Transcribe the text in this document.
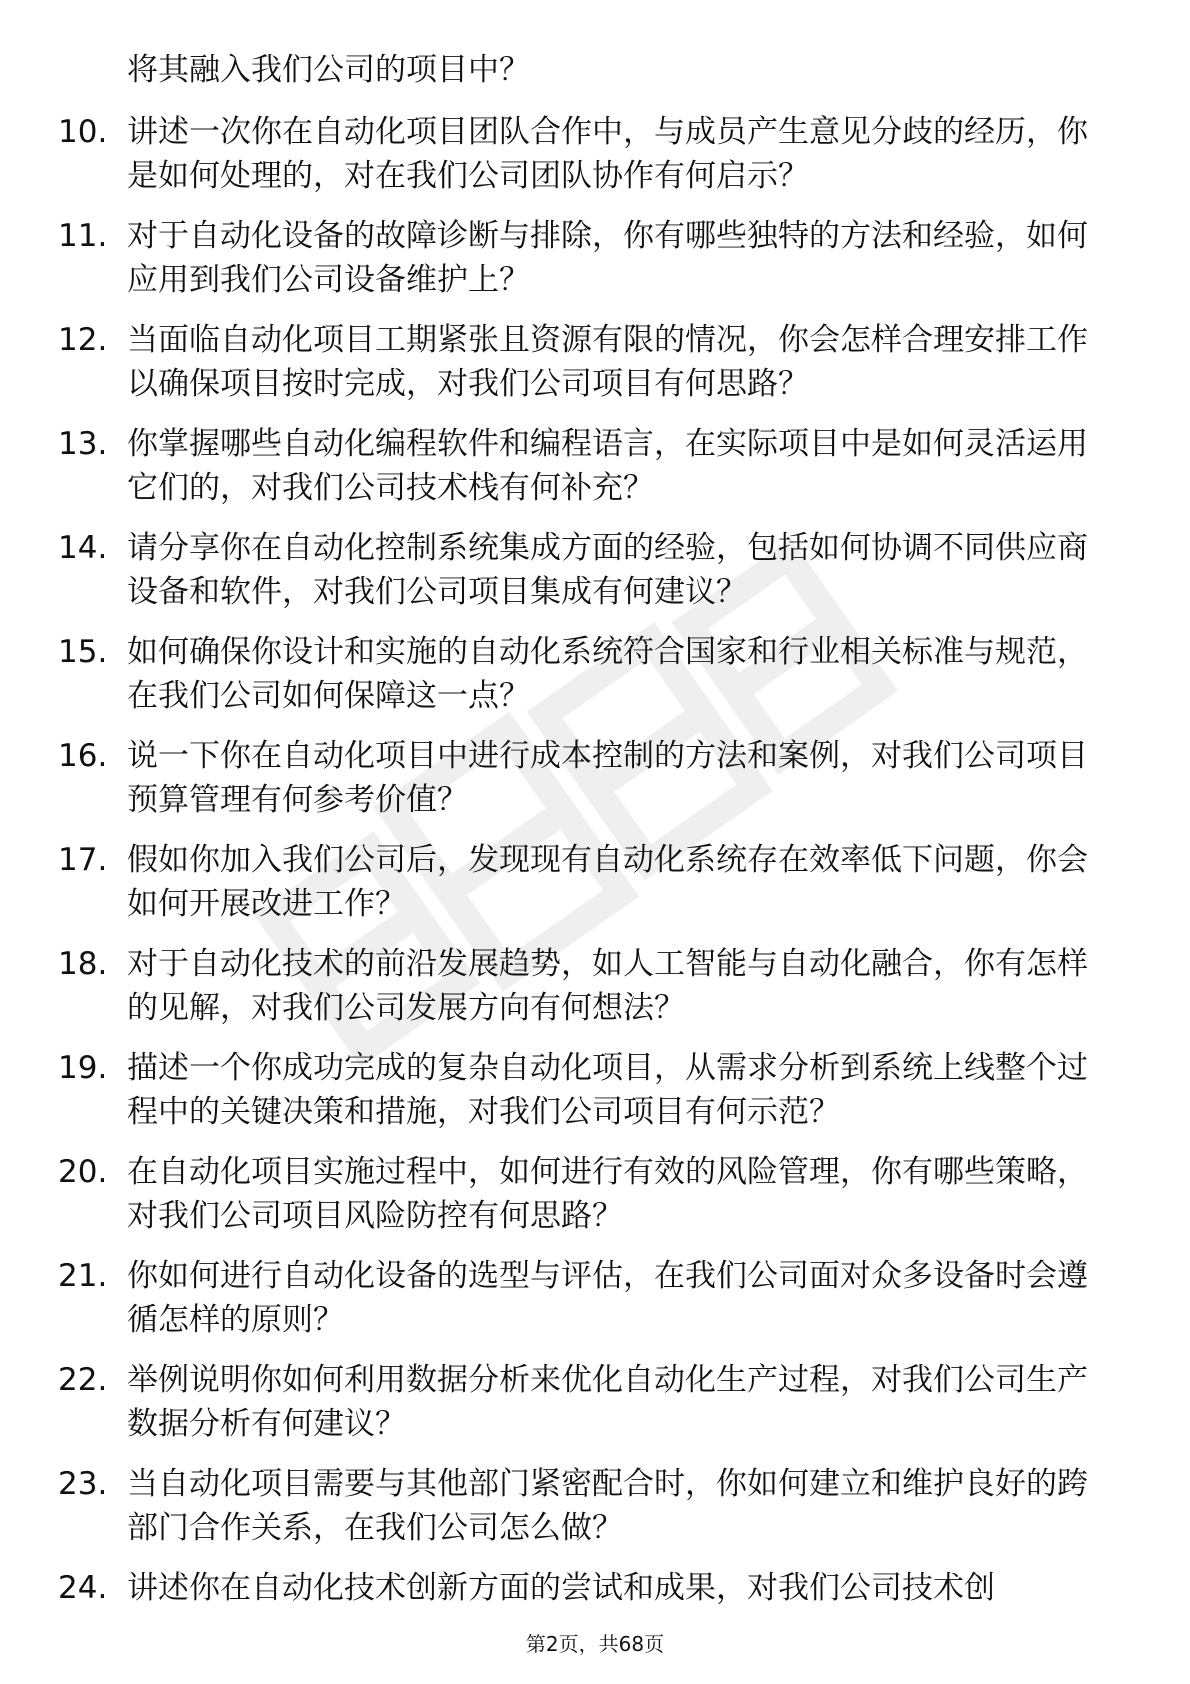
将其融入我们公司的项目中？

10. 讲述一次你在自动化项目团队合作中，与成员产生意见分歧的经历，你是如何处理的，对在我们公司团队协作有何启示？
11. 对于自动化设备的故障诊断与排除，你有哪些独特的方法和经验，如何应用到我们公司设备维护上？
12. 当面临自动化项目工期紧张且资源有限的情况，你会怎样合理安排工作以确保项目按时完成，对我们公司项目有何思路？
13. 你掌握哪些自动化编程软件和编程语言，在实际项目中是如何灵活运用它们的，对我们公司技术栈有何补充？
14. 请分享你在自动化控制系统集成方面的经验，包括如何协调不同供应商设备和软件，对我们公司项目集成有何建议？
15. 如何确保你设计和实施的自动化系统符合国家和行业相关标准与规范，在我们公司如何保障这一点？
16. 说一下你在自动化项目中进行成本控制的方法和案例，对我们公司项目预算管理有何参考价值？
17. 假如你加入我们公司后，发现现有自动化系统存在效率低下问题，你会如何开展改进工作？
18. 对于自动化技术的前沿发展趋势，如人工智能与自动化融合，你有怎样的见解，对我们公司发展方向有何想法？
19. 描述一个你成功完成的复杂自动化项目，从需求分析到系统上线整个过程中的关键决策和措施，对我们公司项目有何示范？
20. 在自动化项目实施过程中，如何进行有效的风险管理，你有哪些策略，对我们公司项目风险防控有何思路？
21. 你如何进行自动化设备的选型与评估，在我们公司面对众多设备时会遵循怎样的原则？
22. 举例说明你如何利用数据分析来优化自动化生产过程，对我们公司生产数据分析有何建议？
23. 当自动化项目需要与其他部门紧密配合时，你如何建立和维护良好的跨部门合作关系，在我们公司怎么做？
24. 讲述你在自动化技术创新方面的尝试和成果，对我们公司技术创
第2页，共68页
